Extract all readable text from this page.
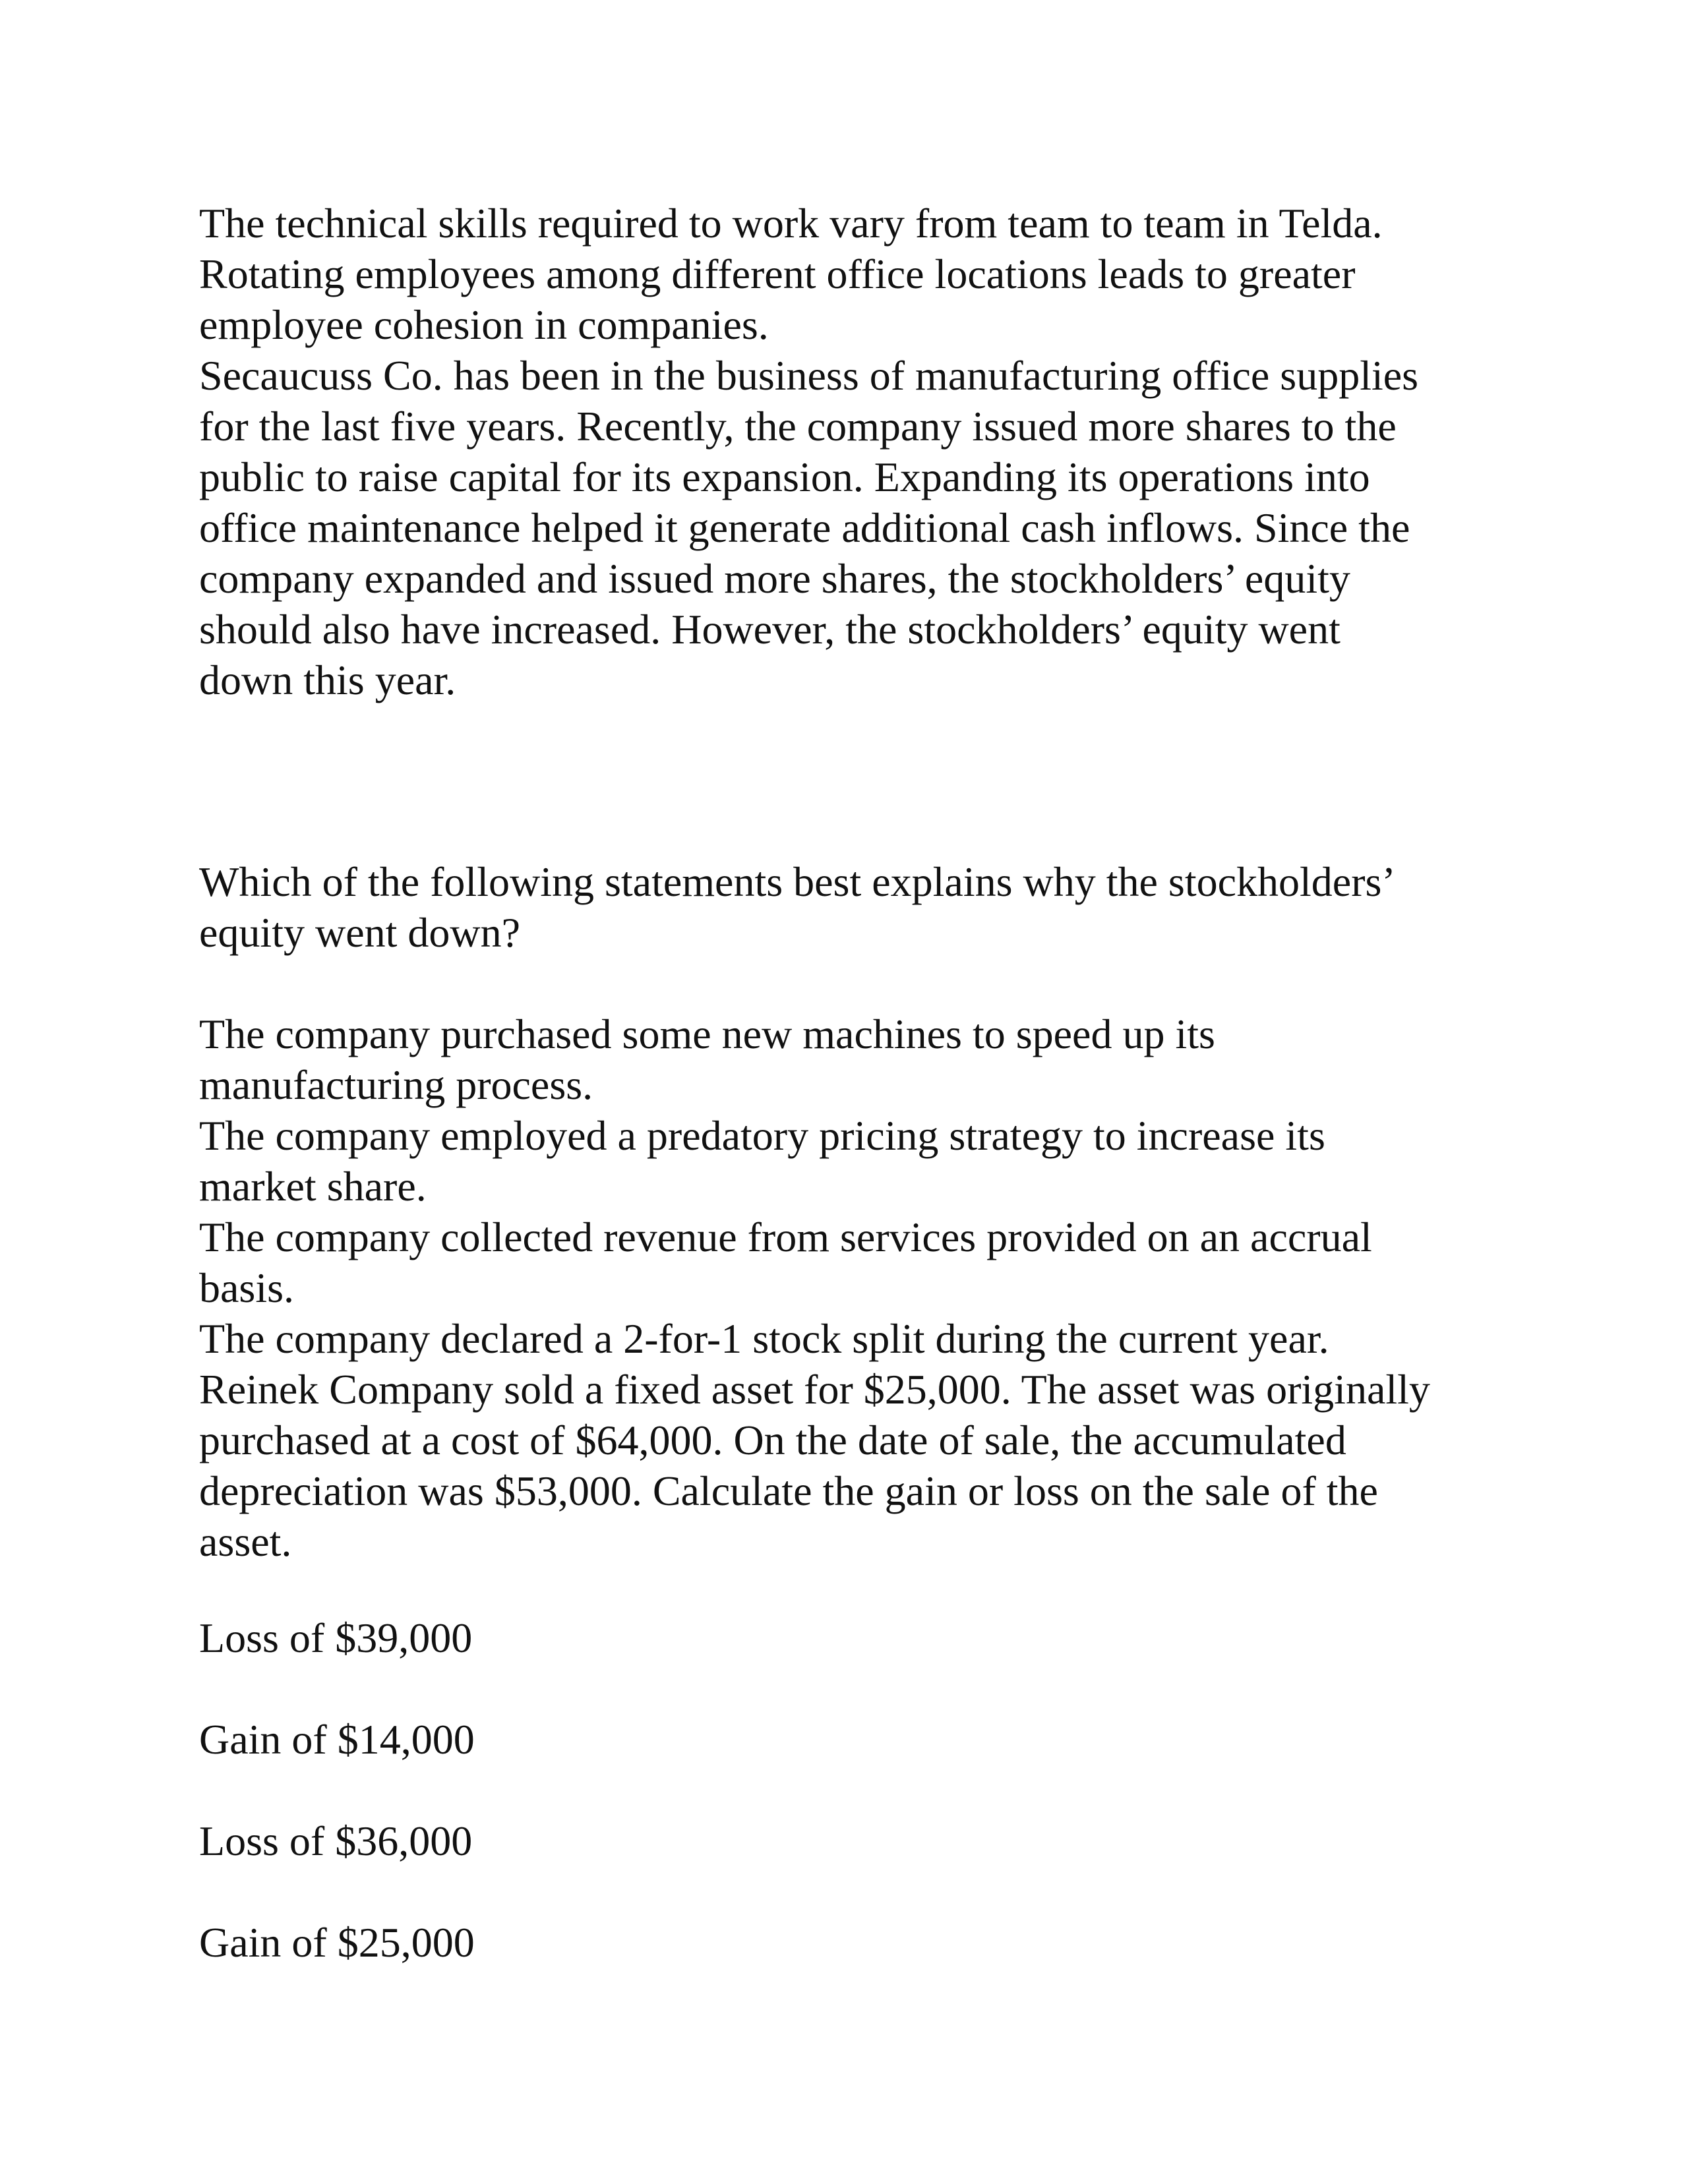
The technical skills required to work vary from team to team in Telda.
Rotating employees among different office locations leads to greater
employee cohesion in companies.
Secaucuss Co. has been in the business of manufacturing office supplies
for the last five years. Recently, the company issued more shares to the
public to raise capital for its expansion. Expanding its operations into
office maintenance helped it generate additional cash inflows. Since the
company expanded and issued more shares, the stockholders’ equity
should also have increased. However, the stockholders’ equity went
down this year.
Which of the following statements best explains why the stockholders’
equity went down?
The company purchased some new machines to speed up its
manufacturing process.
The company employed a predatory pricing strategy to increase its
market share.
The company collected revenue from services provided on an accrual
basis.
The company declared a 2-for-1 stock split during the current year.
Reinek Company sold a fixed asset for $25,000. The asset was originally
purchased at a cost of $64,000. On the date of sale, the accumulated
depreciation was $53,000. Calculate the gain or loss on the sale of the
asset.
Loss of $39,000
Gain of $14,000
Loss of $36,000
Gain of $25,000
